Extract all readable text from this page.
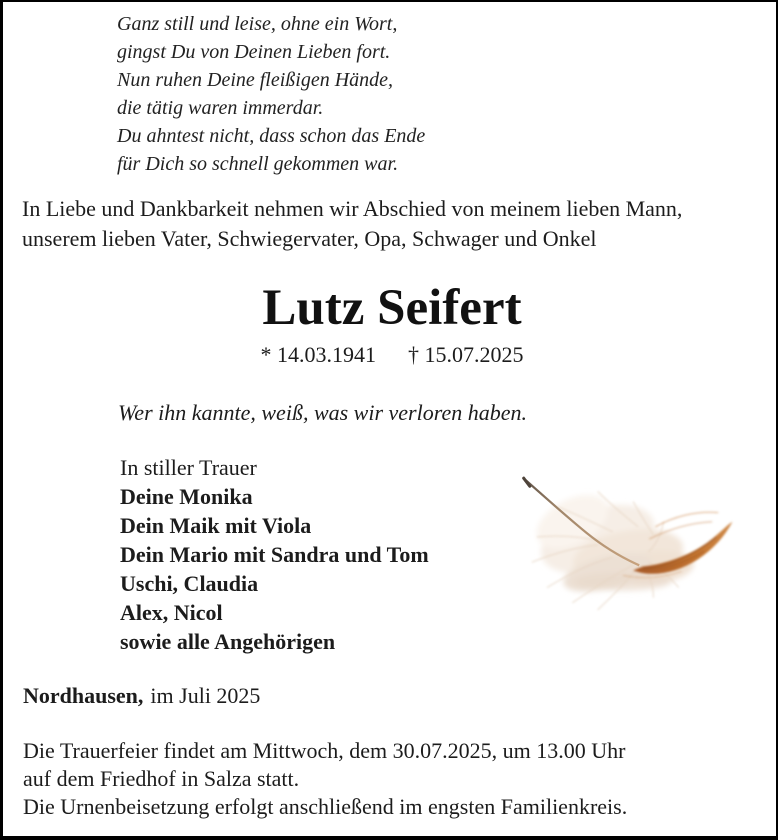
Ganz still und leise, ohne ein Wort,
gingst Du von Deinen Lieben fort.
Nun ruhen Deine fleißigen Hände,
die tätig waren immerdar.
Du ahntest nicht, dass schon das Ende
für Dich so schnell gekommen war.
In Liebe und Dankbarkeit nehmen wir Abschied von meinem lieben Mann,
unserem lieben Vater, Schwiegervater, Opa, Schwager und Onkel
Lutz Seifert
* 14.03.1941 † 15.07.2025
Wer ihn kannte, weiß, was wir verloren haben.
In stiller Trauer
Deine Monika
Dein Maik mit Viola
Dein Mario mit Sandra und Tom
Uschi, Claudia
Alex, Nicol
sowie alle Angehörigen
Nordhausen, im Juli 2025
Die Trauerfeier findet am Mittwoch, dem 30.07.2025, um 13.00 Uhr
auf dem Friedhof in Salza statt.
Die Urnenbeisetzung erfolgt anschließend im engsten Familienkreis.
